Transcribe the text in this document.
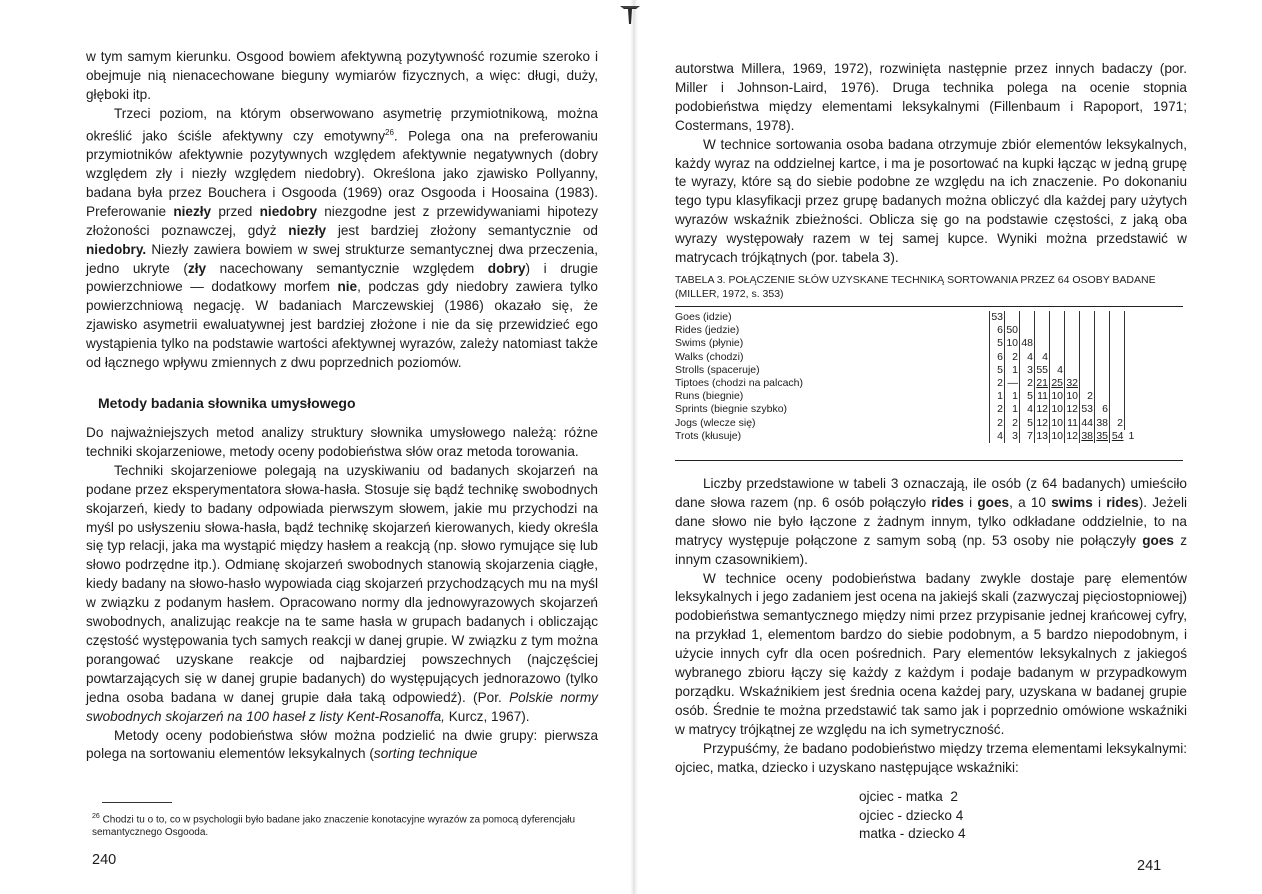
w tym samym kierunku. Osgood bowiem afektywną pozytywność rozumie szeroko i obejmuje nią nienacechowane bieguny wymiarów fizycznych, a więc: długi, duży, głęboki itp.

Trzeci poziom, na którym obserwowano asymetrię przymiotnikową, można określić jako ściśle afektywny czy emotywny$^{26}$. Polega ona na preferowaniu przymiotników afektywnie pozytywnych względem afektywnie negatywnych (dobry względem zły i niezły względem niedobry). Określona jako zjawisko Pollyanny, badana była przez Bouchera i Osgooda (1969) oraz Osgooda i Hoosaina (1983). Preferowanie niezły przed niedobry niezgodne jest z przewidywaniami hipotezy złożoności poznawczej, gdyż niezły jest bardziej złożony semantycznie od niedobry. Niezły zawiera bowiem w swej strukturze semantycznej dwa przeczenia, jedno ukryte (zły nacechowany semantycznie względem dobry) i drugie powierzchniowe — dodatkowy morfem nie, podczas gdy niedobry zawiera tylko powierzchniową negację. W badaniach Marczewskiej (1986) okazało się, że zjawisko asymetrii ewaluatywnej jest bardziej złożone i nie da się przewidzieć ego wystąpienia tylko na podstawie wartości afektywnej wyrazów, zależy natomiast także od łącznego wpływu zmiennych z dwu poprzednich poziomów.

Metody badania słownika umysłowego

Do najważniejszych metod analizy struktury słownika umysłowego należą: różne techniki skojarzeniowe, metody oceny podobieństwa słów oraz metoda torowania.

Techniki skojarzeniowe polegają na uzyskiwaniu od badanych skojarzeń na podane przez eksperymentatora słowa-hasła. Stosuje się bądź technikę swobodnych skojarzeń, kiedy to badany odpowiada pierwszym słowem, jakie mu przychodzi na myśl po usłyszeniu słowa-hasła, bądź technikę skojarzeń kierowanych, kiedy określa się typ relacji, jaka ma wystąpić między hasłem a reakcją (np. słowo rymujące się lub słowo podrzędne itp.). Odmianę skojarzeń swobodnych stanowią skojarzenia ciągłe, kiedy badany na słowo-hasło wypowiada ciąg skojarzeń przychodzących mu na myśl w związku z podanym hasłem. Opracowano normy dla jednowyrazowych skojarzeń swobodnych, analizując reakcje na te same hasła w grupach badanych i obliczając częstość występowania tych samych reakcji w danej grupie. W związku z tym można porangować uzyskane reakcje od najbardziej powszechnych (najczęściej powtarzających się w danej grupie badanych) do występujących jednorazowo (tylko jedna osoba badana w danej grupie dała taką odpowiedź). (Por. Polskie normy swobodnych skojarzeń na 100 haseł z listy Kent-Rosanoffa, Kurcz, 1967).

Metody oceny podobieństwa słów można podzielić na dwie grupy: pierwsza polega na sortowaniu elementów leksykalnych (sorting technique

$^{26}$ Chodzi tu o to, co w psychologii było badane jako znaczenie konotacyjne wyrazów za pomocą dyferencjału semantycznego Osgooda.

240

autorstwa Millera, 1969, 1972), rozwinięta następnie przez innych badaczy (por. Miller i Johnson-Laird, 1976). Druga technika polega na ocenie stopnia podobieństwa między elementami leksykalnymi (Fillenbaum i Rapoport, 1971; Costermans, 1978).

W technice sortowania osoba badana otrzymuje zbiór elementów leksykalnych, każdy wyraz na oddzielnej kartce, i ma je posortować na kupki łącząc w jedną grupę te wyrazy, które są do siebie podobne ze względu na ich znaczenie. Po dokonaniu tego typu klasyfikacji przez grupę badanych można obliczyć dla każdej pary użytych wyrazów wskaźnik zbieżności. Oblicza się go na podstawie częstości, z jaką oba wyrazy występowały razem w tej samej kupce. Wyniki można przedstawić w matrycach trójkątnych (por. tabela 3).

TABELA 3. POŁĄCZENIE SŁÓW UZYSKANE TECHNIKĄ SORTOWANIA PRZEZ 64 OSOBY BADANE (MILLER, 1972, s. 353)

Goes (idzie)	53									
Rides (jedzie)	6	50								
Swims (płynie)	5	10	48							
Walks (chodzi)	6	2	4	4						
Strolls (spaceruje)	5	1	3	55	4					
Tiptoes (chodzi na palcach)	2	—	2	21	25	32				
Runs (biegnie)	1	1	5	11	10	10	2			
Sprints (biegnie szybko)	2	1	4	12	10	12	53	6		
Jogs (wlecze się)	2	2	5	12	10	11	44	38	2	
Trots (kłusuje)	4	3	7	13	10	12	38	35	54	1

Liczby przedstawione w tabeli 3 oznaczają, ile osób (z 64 badanych) umieściło dane słowa razem (np. 6 osób połączyło rides i goes, a 10 swims i rides). Jeżeli dane słowo nie było łączone z żadnym innym, tylko odkładane oddzielnie, to na matrycy występuje połączone z samym sobą (np. 53 osoby nie połączyły goes z innym czasownikiem).

W technice oceny podobieństwa badany zwykle dostaje parę elementów leksykalnych i jego zadaniem jest ocena na jakiejś skali (zazwyczaj pięciostopniowej) podobieństwa semantycznego między nimi przez przypisanie jednej krańcowej cyfry, na przykład 1, elementom bardzo do siebie podobnym, a 5 bardzo niepodobnym, i użycie innych cyfr dla ocen pośrednich. Pary elementów leksykalnych z jakiegoś wybranego zbioru łączy się każdy z każdym i podaje badanym w przypadkowym porządku. Wskaźnikiem jest średnia ocena każdej pary, uzyskana w badanej grupie osób. Średnie te można przedstawić tak samo jak i poprzednio omówione wskaźniki w matrycy trójkątnej ze względu na ich symetryczność.

Przypuśćmy, że badano podobieństwo między trzema elementami leksykalnymi: ojciec, matka, dziecko i uzyskano następujące wskaźniki:

ojciec - matka  2
ojciec - dziecko 4
matka - dziecko 4
241
